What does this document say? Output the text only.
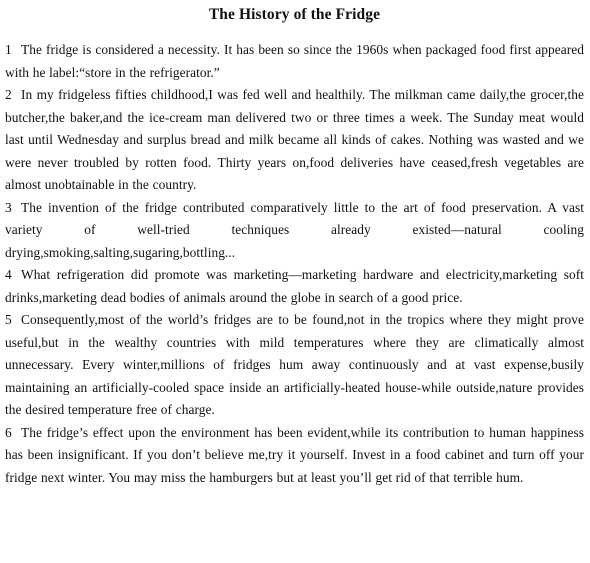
The History of the Fridge

1 The fridge is considered a necessity. It has been so since the 1960s when packaged food first appeared with he label:“store in the refrigerator.”

2 In my fridgeless fifties childhood,I was fed well and healthily. The milkman came daily,the grocer,the butcher,the baker,and the ice-cream man delivered two or three times a week. The Sunday meat would last until Wednesday and surplus bread and milk became all kinds of cakes. Nothing was wasted and we were never troubled by rotten food. Thirty years on,food deliveries have ceased,fresh vegetables are almost unobtainable in the country.

3 The invention of the fridge contributed comparatively little to the art of food preservation. A vast variety of well-tried techniques already existed—natural cooling drying,smoking,salting,sugaring,bottling...

4 What refrigeration did promote was marketing—marketing hardware and electricity,marketing soft drinks,marketing dead bodies of animals around the globe in search of a good price.

5 Consequently,most of the world’s fridges are to be found,not in the tropics where they might prove useful,but in the wealthy countries with mild temperatures where they are climatically almost unnecessary. Every winter,millions of fridges hum away continuously and at vast expense,busily maintaining an artificially-cooled space inside an artificially-heated house-while outside,nature provides the desired temperature free of charge.

6 The fridge’s effect upon the environment has been evident,while its contribution to human happiness has been insignificant. If you don’t believe me,try it yourself. Invest in a food cabinet and turn off your fridge next winter. You may miss the hamburgers but at least you’ll get rid of that terrible hum.
